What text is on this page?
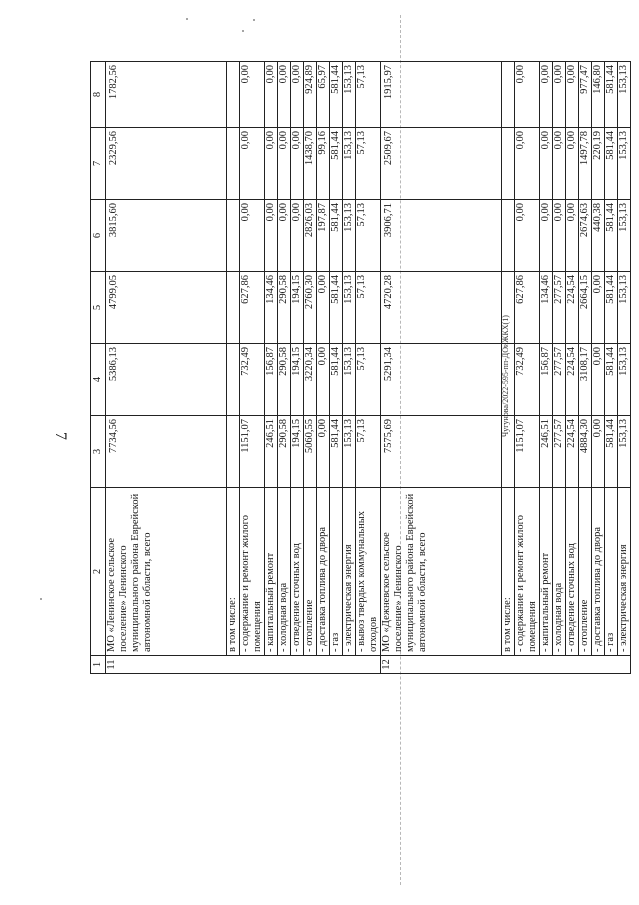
7	Чугунова/2022-595-пп-ДОиЖКХ(1)
1	2	3	4	5	6	7	8
11	МО «Ленинское сельское поселение» Ленинского муниципального района Еврейской автономной области, всего	7734,56	5386,13	4799,05	3815,60	2329,56	1782,56
	в том числе:						
	- содержание и ремонт жилого помещения	1151,07	732,49	627,86	0,00	0,00	0,00
	- капитальный ремонт	246,51	156,87	134,46	0,00	0,00	0,00
	- холодная вода	290,58	290,58	290,58	0,00	0,00	0,00
	- отведение сточных вод	194,15	194,15	194,15	0,00	0,00	0,00
	- отопление	5060,55	3220,34	2760,30	2826,03	1438,70	924,89
	- доставка топлива до двора	0,00	0,00	0,00	197,87	99,16	65,97
	- газ	581,44	581,44	581,44	581,44	581,44	581,44
	- электрическая энергия	153,13	153,13	153,13	153,13	153,13	153,13
	- вывоз твердых коммунальных отходов	57,13	57,13	57,13	57,13	57,13	57,13
12	МО «Дежневское сельское поселение» Ленинского муниципального района Еврейской автономной области, всего	7575,69	5291,34	4720,28	3906,71	2509,67	1915,97
	в том числе:						
	- содержание и ремонт жилого помещения	1151,07	732,49	627,86	0,00	0,00	0,00
	- капитальный ремонт	246,51	156,87	134,46	0,00	0,00	0,00
	- холодная вода	277,57	277,57	277,57	0,00	0,00	0,00
	- отведение сточных вод	224,54	224,54	224,54	0,00	0,00	0,00
	- отопление	4884,30	3108,17	2664,15	2674,63	1497,78	977,47
	- доставка топлива до двора	0,00	0,00	0,00	440,38	220,19	146,80
	- газ	581,44	581,44	581,44	581,44	581,44	581,44
	- электрическая энергия	153,13	153,13	153,13	153,13	153,13	153,13
